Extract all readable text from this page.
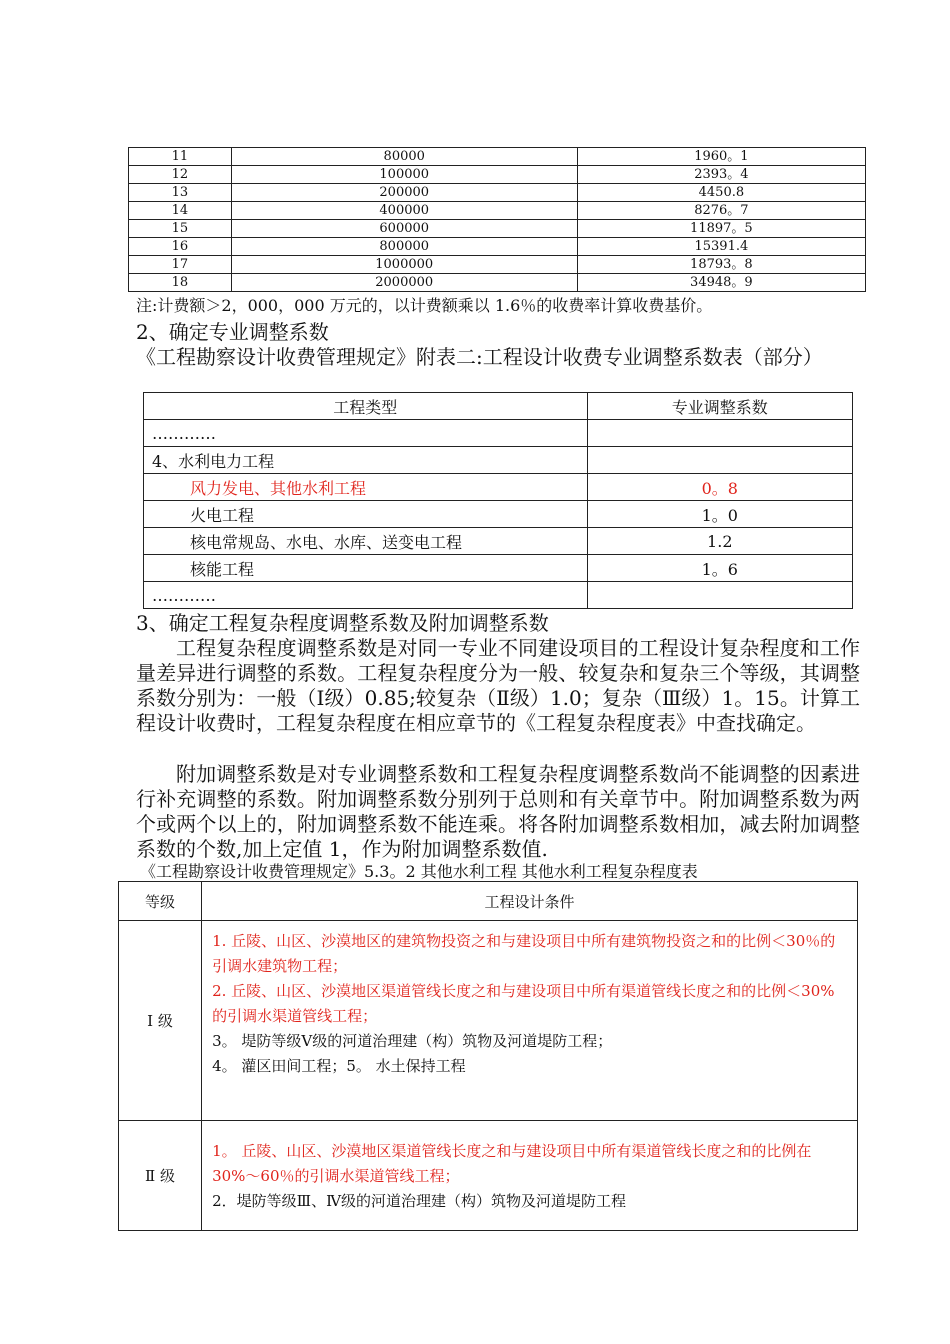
11	80000	1960。1
12	100000	2393。4
13	200000	4450.8
14	400000	8276。7
15	600000	11897。5
16	800000	15391.4
17	1000000	18793。8
18	2000000	34948。9

注:计费额＞2，000，000 万元的，以计费额乘以 1.6％的收费率计算收费基价。

2、确定专业调整系数

《工程勘察设计收费管理规定》附表二:工程设计收费专业调整系数表（部分）

工程类型	专业调整系数
…………	
4、水利电力工程	
风力发电、其他水利工程	0。8
火电工程	1。0
核电常规岛、水电、水库、送变电工程	1.2
核能工程	1。6
…………	

3、确定工程复杂程度调整系数及附加调整系数

工程复杂程度调整系数是对同一专业不同建设项目的工程设计复杂程度和工作量差异进行调整的系数。工程复杂程度分为一般、较复杂和复杂三个等级，其调整系数分别为：一般（Ⅰ级）0.85;较复杂（Ⅱ级）1.0；复杂（Ⅲ级）1。15。计算工程设计收费时，工程复杂程度在相应章节的《工程复杂程度表》中查找确定。

附加调整系数是对专业调整系数和工程复杂程度调整系数尚不能调整的因素进行补充调整的系数。附加调整系数分别列于总则和有关章节中。附加调整系数为两个或两个以上的，附加调整系数不能连乘。将各附加调整系数相加，减去附加调整系数的个数,加上定值 1，作为附加调整系数值.

《工程勘察设计收费管理规定》5.3。2 其他水利工程 其他水利工程复杂程度表

等级	工程设计条件
Ⅰ 级	1. 丘陵、山区、沙漠地区的建筑物投资之和与建设项目中所有建筑物投资之和的比例＜30％的 引调水建筑物工程；
2. 丘陵、山区、沙漠地区渠道管线长度之和与建设项目中所有渠道管线长度之和的比例＜30% 的引调水渠道管线工程；
3。 堤防等级Ⅴ级的河道治理建（构）筑物及河道堤防工程；
4。 灌区田间工程；5。 水土保持工程

Ⅱ 级	1。 丘陵、山区、沙漠地区渠道管线长度之和与建设项目中所有渠道管线长度之和的比例在 30%～60％的引调水渠道管线工程；
2．堤防等级Ⅲ、Ⅳ级的河道治理建（构）筑物及河道堤防工程
